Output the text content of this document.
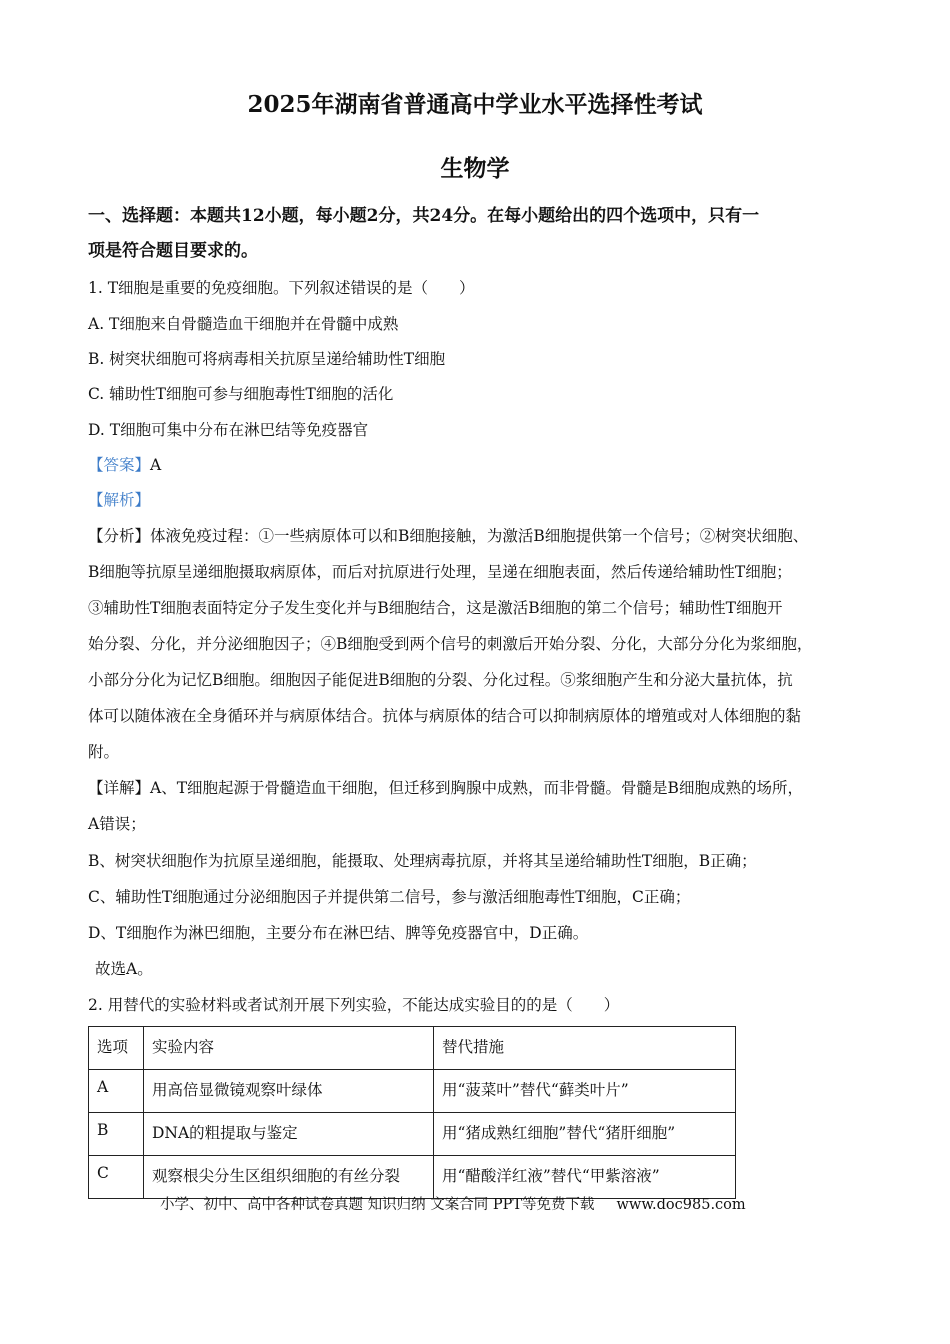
2025年湖南省普通高中学业水平选择性考试
生物学
一、选择题：本题共12小题，每小题2分，共24分。在每小题给出的四个选项中，只有一
项是符合题目要求的。
1. T细胞是重要的免疫细胞。下列叙述错误的是（　　）
A. T细胞来自骨髓造血干细胞并在骨髓中成熟
B. 树突状细胞可将病毒相关抗原呈递给辅助性T细胞
C. 辅助性T细胞可参与细胞毒性T细胞的活化
D. T细胞可集中分布在淋巴结等免疫器官
【答案】A
【解析】
【分析】体液免疫过程：①一些病原体可以和B细胞接触，为激活B细胞提供第一个信号；②树突状细胞、
B细胞等抗原呈递细胞摄取病原体，而后对抗原进行处理，呈递在细胞表面，然后传递给辅助性T细胞；
③辅助性T细胞表面特定分子发生变化并与B细胞结合，这是激活B细胞的第二个信号；辅助性T细胞开
始分裂、分化，并分泌细胞因子；④B细胞受到两个信号的刺激后开始分裂、分化，大部分分化为浆细胞，
小部分分化为记忆B细胞。细胞因子能促进B细胞的分裂、分化过程。⑤浆细胞产生和分泌大量抗体，抗
体可以随体液在全身循环并与病原体结合。抗体与病原体的结合可以抑制病原体的增殖或对人体细胞的黏
附。
【详解】A、T细胞起源于骨髓造血干细胞，但迁移到胸腺中成熟，而非骨髓。骨髓是B细胞成熟的场所，
A错误；
B、树突状细胞作为抗原呈递细胞，能摄取、处理病毒抗原，并将其呈递给辅助性T细胞，B正确；
C、辅助性T细胞通过分泌细胞因子并提供第二信号，参与激活细胞毒性T细胞，C正确；
D、T细胞作为淋巴细胞，主要分布在淋巴结、脾等免疫器官中，D正确。
故选A。
2. 用替代的实验材料或者试剂开展下列实验，不能达成实验目的的是（　　）
选项	实验内容	替代措施
A	用高倍显微镜观察叶绿体	用“菠菜叶”替代“藓类叶片”
B	DNA的粗提取与鉴定	用“猪成熟红细胞”替代“猪肝细胞”
C	观察根尖分生区组织细胞的有丝分裂	用“醋酸洋红液”替代“甲紫溶液”
小学、初中、高中各种试卷真题 知识归纳 文案合同 PPT等免费下载 www.doc985.com
